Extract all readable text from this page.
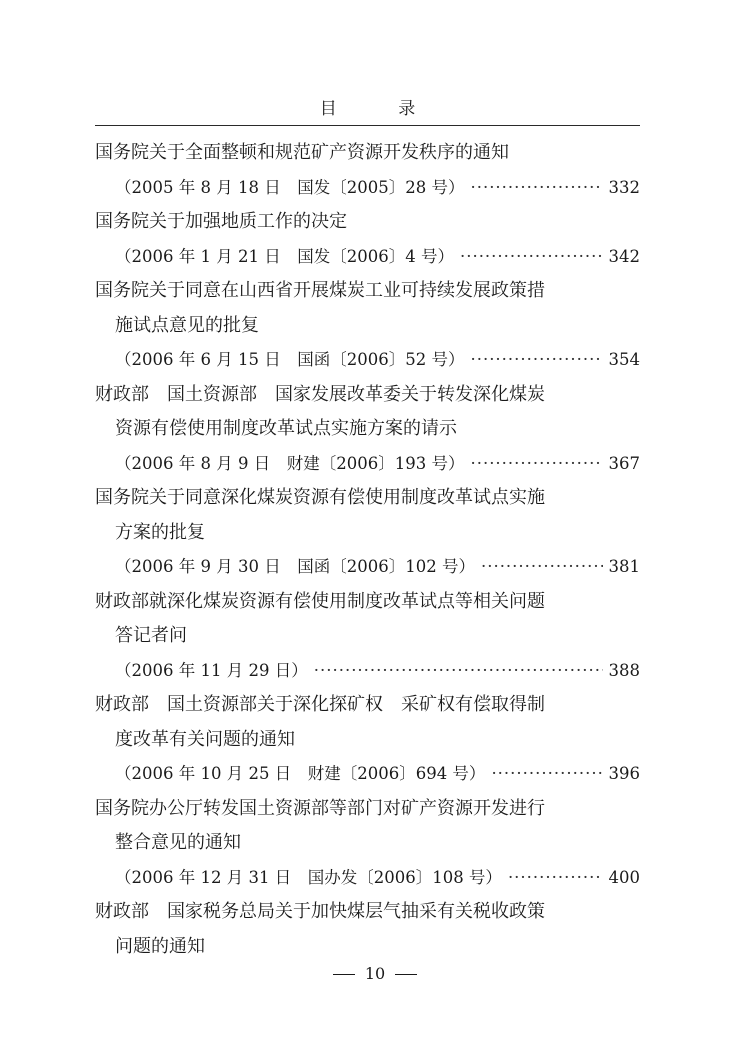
目 录
国务院关于全面整顿和规范矿产资源开发秩序的通知
（2005 年 8 月 18 日　国发〔2005〕28 号） ·····	332
国务院关于加强地质工作的决定
（2006 年 1 月 21 日　国发〔2006〕4 号） ·····	342
国务院关于同意在山西省开展煤炭工业可持续发展政策措
施试点意见的批复
（2006 年 6 月 15 日　国函〔2006〕52 号） ·····	354
财政部　国土资源部　国家发展改革委关于转发深化煤炭
资源有偿使用制度改革试点实施方案的请示
（2006 年 8 月 9 日　财建〔2006〕193 号） ·····	367
国务院关于同意深化煤炭资源有偿使用制度改革试点实施
方案的批复
（2006 年 9 月 30 日　国函〔2006〕102 号） ·····	381
财政部就深化煤炭资源有偿使用制度改革试点等相关问题
答记者问
（2006 年 11 月 29 日） ·····	388
财政部　国土资源部关于深化探矿权　采矿权有偿取得制
度改革有关问题的通知
（2006 年 10 月 25 日　财建〔2006〕694 号） ·····	396
国务院办公厅转发国土资源部等部门对矿产资源开发进行
整合意见的通知
（2006 年 12 月 31 日　国办发〔2006〕108 号） ·····	400
财政部　国家税务总局关于加快煤层气抽采有关税收政策
问题的通知
10
